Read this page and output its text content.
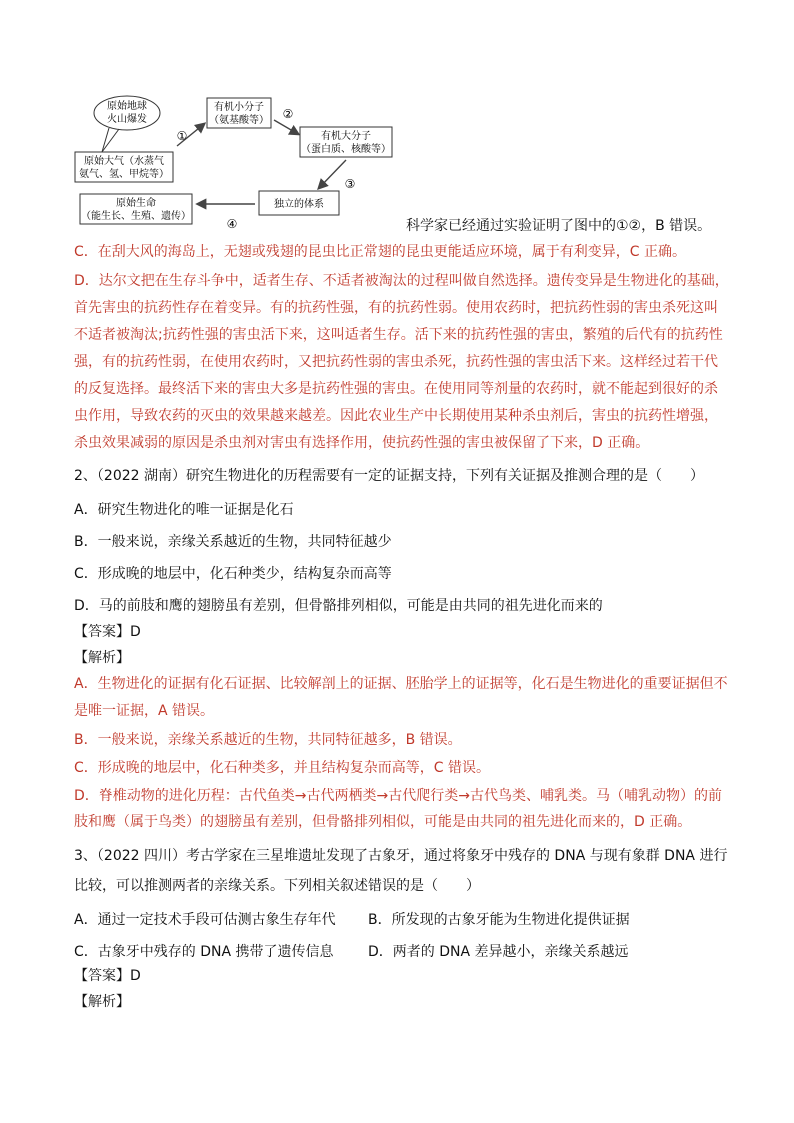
原始地球
火山爆发
有机小分子
（氨基酸等）
有机大分子
（蛋白质、核酸等）
原始大气（水蒸气
氨气、氢、甲烷等）
独立的体系
原始生命
（能生长、生殖、遗传）
①
②
③
④	科学家已经通过实验证明了图中的①②，B 错误。
C．在刮大风的海岛上，无翅或残翅的昆虫比正常翅的昆虫更能适应环境，属于有利变异，C 正确。
D．达尔文把在生存斗争中，适者生存、不适者被淘汰的过程叫做自然选择。遗传变异是生物进化的基础，
首先害虫的抗药性存在着变异。有的抗药性强，有的抗药性弱。使用农药时，把抗药性弱的害虫杀死这叫
不适者被淘汰;抗药性强的害虫活下来，这叫适者生存。活下来的抗药性强的害虫，繁殖的后代有的抗药性
强，有的抗药性弱，在使用农药时，又把抗药性弱的害虫杀死，抗药性强的害虫活下来。这样经过若干代
的反复选择。最终活下来的害虫大多是抗药性强的害虫。在使用同等剂量的农药时，就不能起到很好的杀
虫作用，导致农药的灭虫的效果越来越差。因此农业生产中长期使用某种杀虫剂后，害虫的抗药性增强，
杀虫效果减弱的原因是杀虫剂对害虫有选择作用，使抗药性强的害虫被保留了下来，D 正确。
2、（2022 湖南）研究生物进化的历程需要有一定的证据支持，下列有关证据及推测合理的是（　　）
A．研究生物进化的唯一证据是化石
B．一般来说，亲缘关系越近的生物，共同特征越少
C．形成晚的地层中，化石种类少，结构复杂而高等
D．马的前肢和鹰的翅膀虽有差别，但骨骼排列相似，可能是由共同的祖先进化而来的
【答案】D
【解析】
A．生物进化的证据有化石证据、比较解剖上的证据、胚胎学上的证据等，化石是生物进化的重要证据但不
是唯一证据，A 错误。
B．一般来说，亲缘关系越近的生物，共同特征越多，B 错误。
C．形成晚的地层中，化石种类多，并且结构复杂而高等，C 错误。
D．脊椎动物的进化历程：古代鱼类→古代两栖类→古代爬行类→古代鸟类、哺乳类。马（哺乳动物）的前
肢和鹰（属于鸟类）的翅膀虽有差别，但骨骼排列相似，可能是由共同的祖先进化而来的，D 正确。
3、（2022 四川）考古学家在三星堆遗址发现了古象牙，通过将象牙中残存的 DNA 与现有象群 DNA 进行
比较，可以推测两者的亲缘关系。下列相关叙述错误的是（　　）
A．通过一定技术手段可估测古象生存年代 B．所发现的古象牙能为生物进化提供证据
C．古象牙中残存的 DNA 携带了遗传信息 D．两者的 DNA 差异越小，亲缘关系越远
【答案】D
【解析】
